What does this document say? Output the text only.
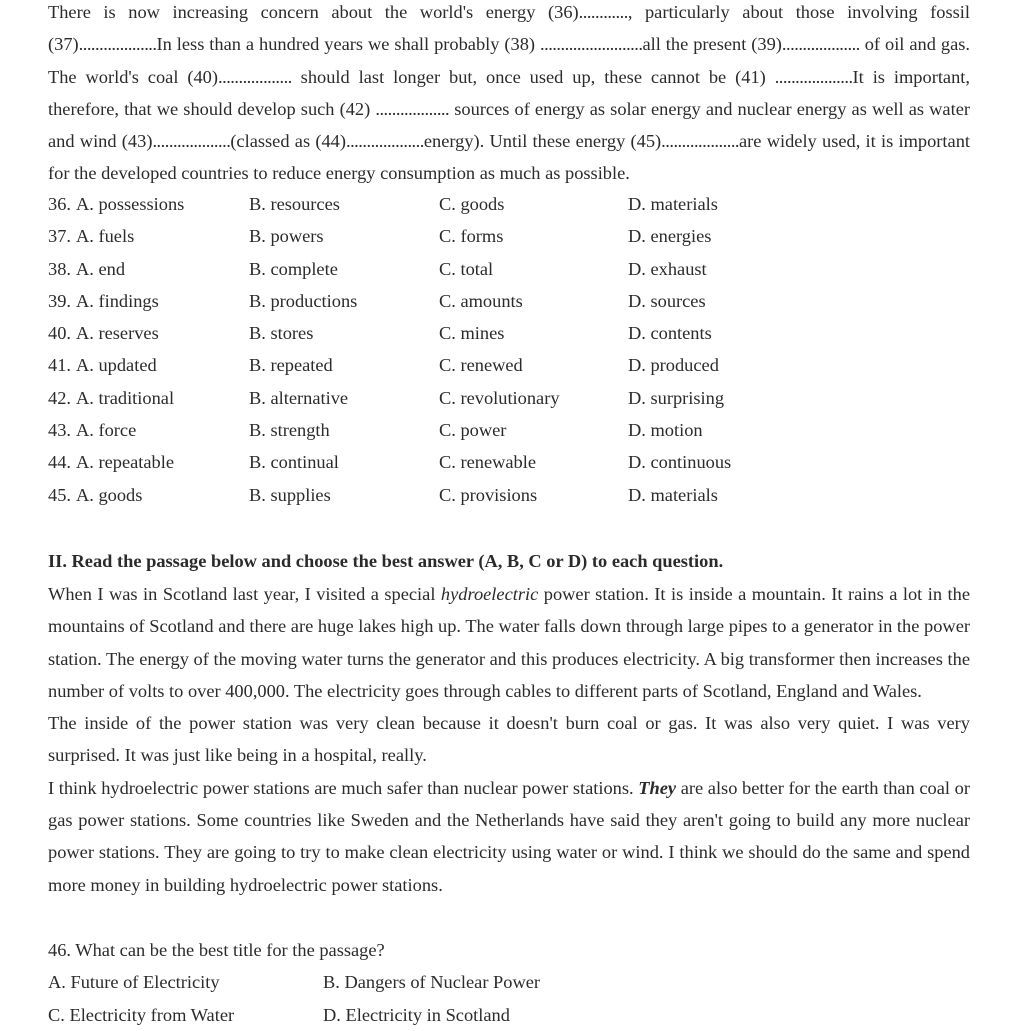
There is now increasing concern about the world's energy (36)............, particularly about those involving fossil (37)...................In less than a hundred years we shall probably (38) .........................all the present (39)................... of oil and gas. The world's coal (40).................. should last longer but, once used up, these cannot be (41) ...................It is important, therefore, that we should develop such (42) .................. sources of energy as solar energy and nuclear energy as well as water and wind (43)...................(classed as (44)...................energy). Until these energy (45)...................are widely used, it is important for the developed countries to reduce energy consumption as much as possible.

36. A. possessions	B. resources	C. goods	D. materials
37. A. fuels	B. powers	C. forms	D. energies
38. A. end	B. complete	C. total	D. exhaust
39. A. findings	B. productions	C. amounts	D. sources
40. A. reserves	B. stores	C. mines	D. contents
41. A. updated	B. repeated	C. renewed	D. produced
42. A. traditional	B. alternative	C. revolutionary	D. surprising
43. A. force	B. strength	C. power	D. motion
44. A. repeatable	B. continual	C. renewable	D. continuous
45. A. goods	B. supplies	C. provisions	D. materials
II. Read the passage below and choose the best answer (A, B, C or D) to each question.

When I was in Scotland last year, I visited a special hydroelectric power station. It is inside a mountain. It rains a lot in the mountains of Scotland and there are huge lakes high up. The water falls down through large pipes to a generator in the power station. The energy of the moving water turns the generator and this produces electricity. A big transformer then increases the number of volts to over 400,000. The electricity goes through cables to different parts of Scotland, England and Wales.

The inside of the power station was very clean because it doesn't burn coal or gas. It was also very quiet. I was very surprised. It was just like being in a hospital, really.

I think hydroelectric power stations are much safer than nuclear power stations. They are also better for the earth than coal or gas power stations. Some countries like Sweden and the Netherlands have said they aren't going to build any more nuclear power stations. They are going to try to make clean electricity using water or wind. I think we should do the same and spend more money in building hydroelectric power stations.

46. What can be the best title for the passage?
A. Future of Electricity	B. Dangers of Nuclear Power
C. Electricity from Water	D. Electricity in Scotland
